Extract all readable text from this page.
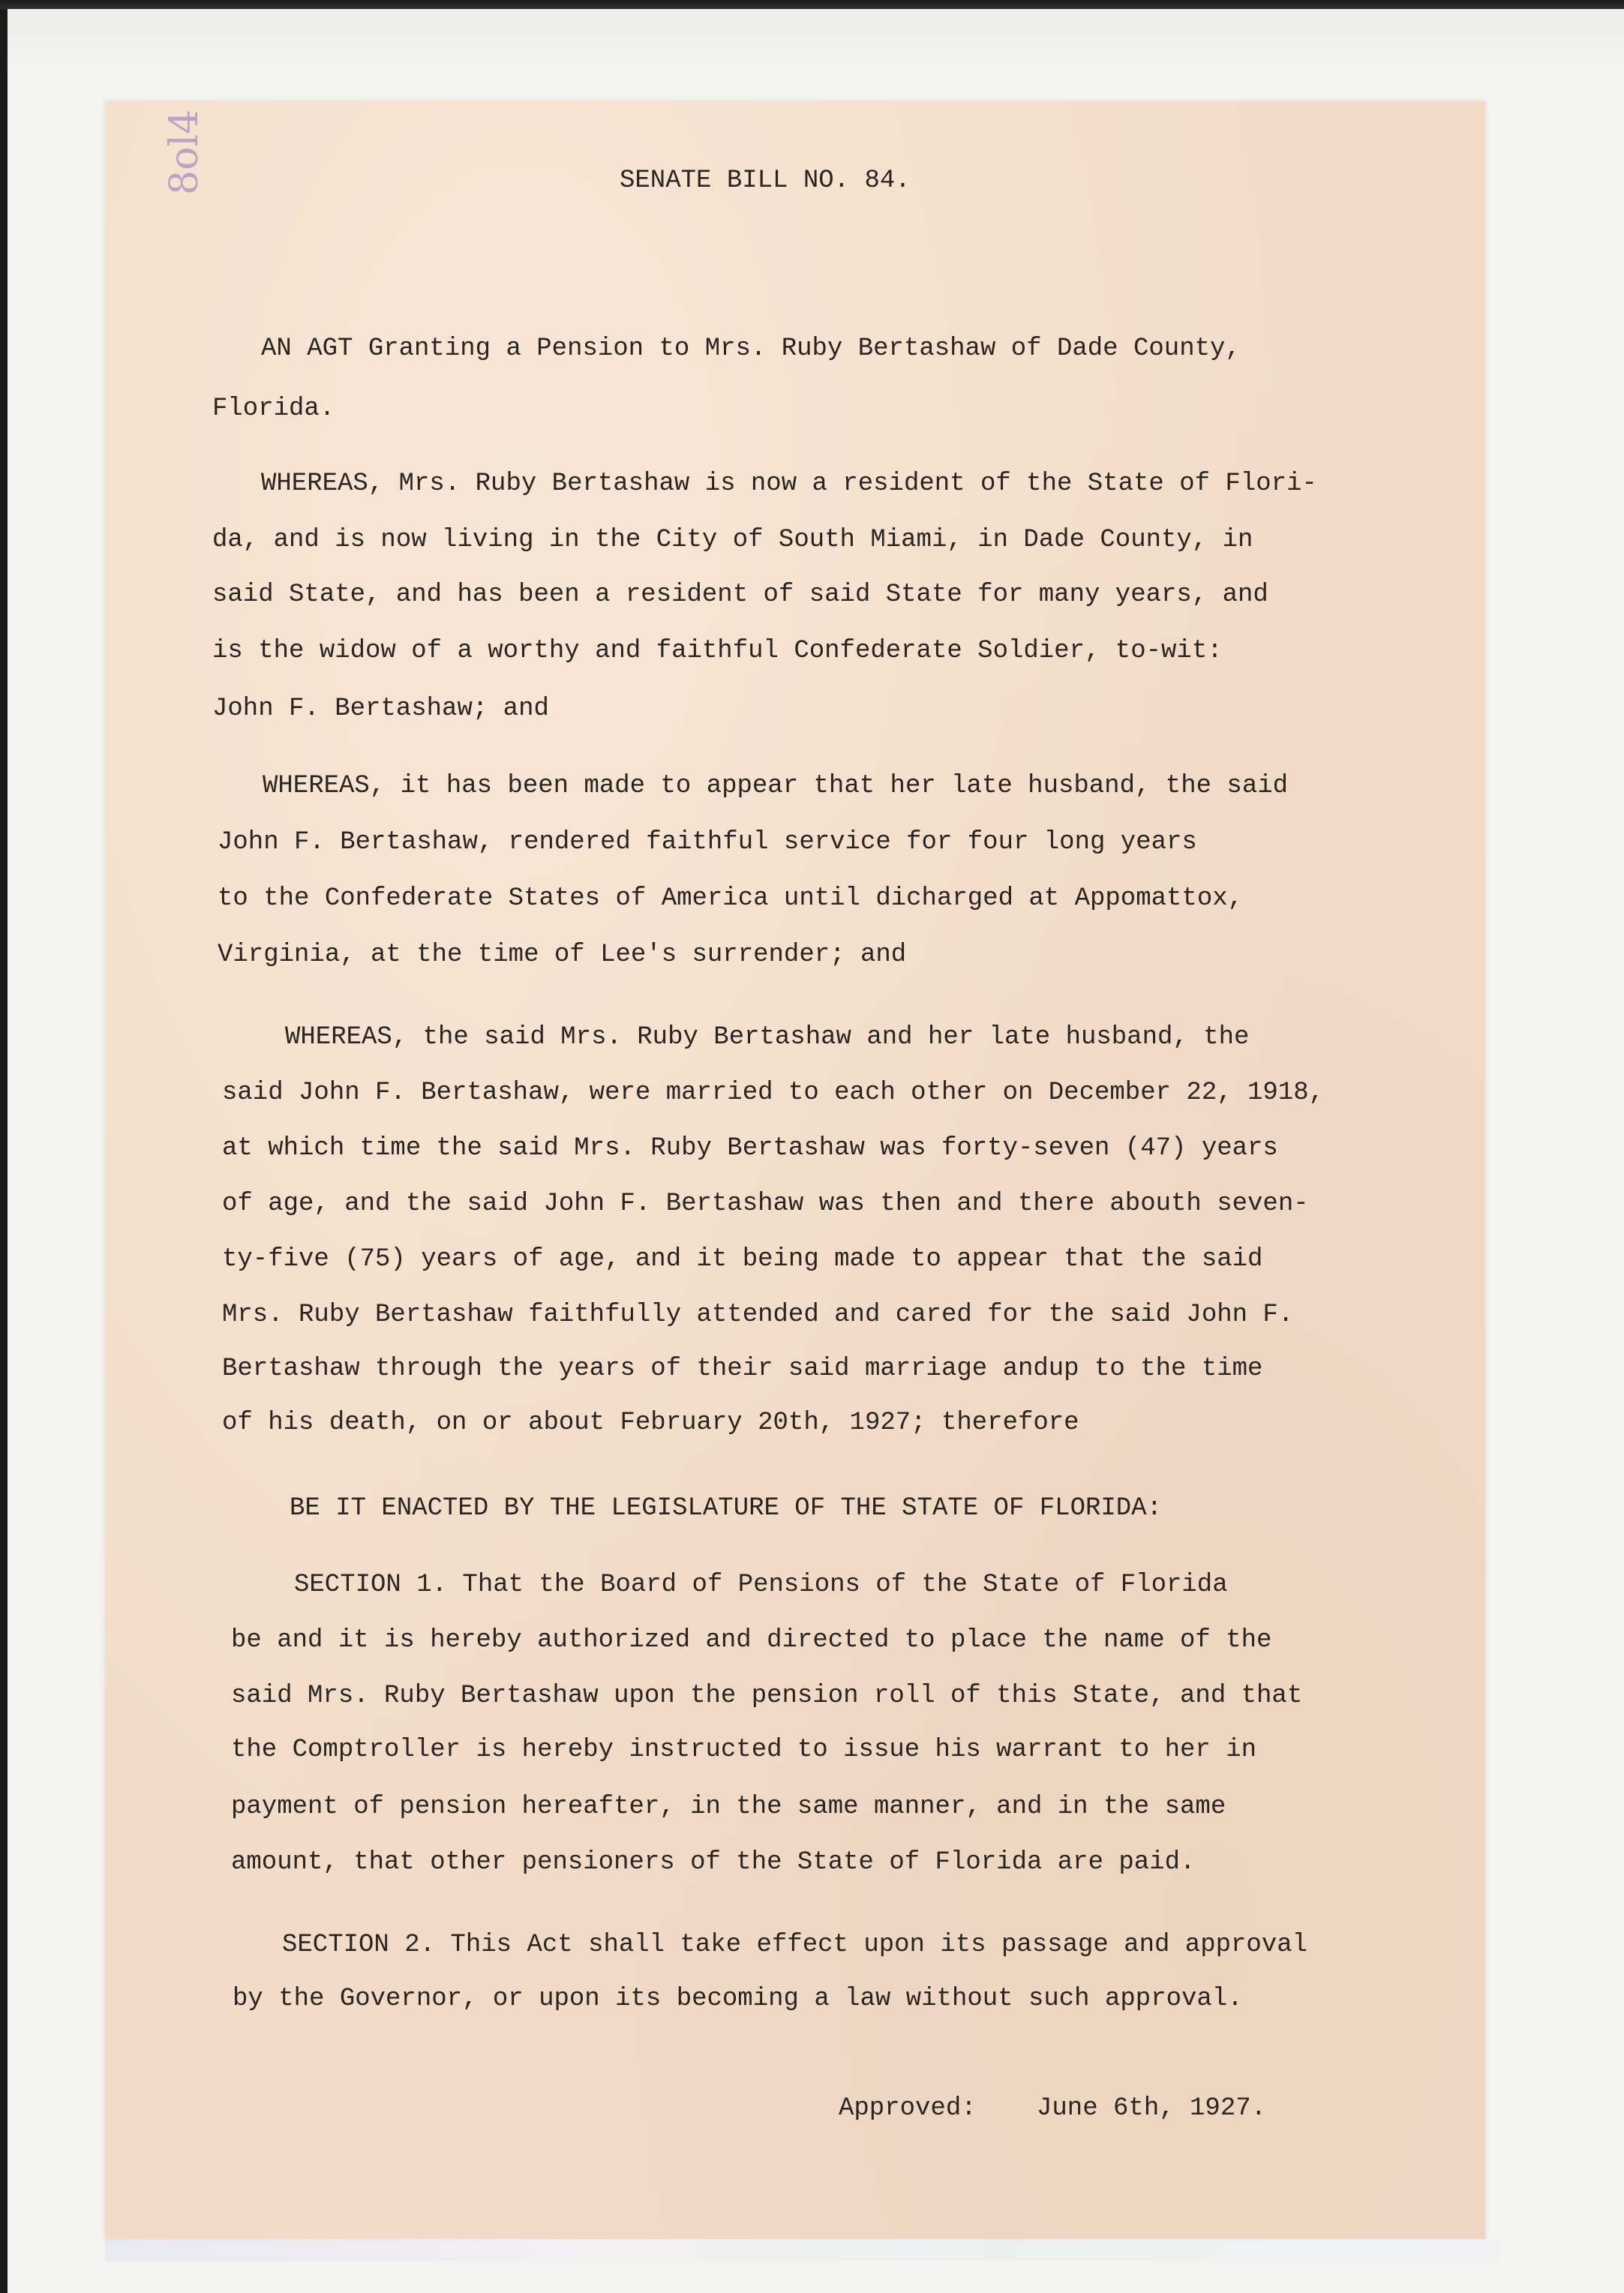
8ol4	SENATE BILL NO. 84.
AN AGT Granting a Pension to Mrs. Ruby Bertashaw of Dade County,
Florida.
WHEREAS, Mrs. Ruby Bertashaw is now a resident of the State of Flori-
da, and is now living in the City of South Miami, in Dade County, in
said State, and has been a resident of said State for many years, and
is the widow of a worthy and faithful Confederate Soldier, to-wit:
John F. Bertashaw; and
WHEREAS, it has been made to appear that her late husband, the said
John F. Bertashaw, rendered faithful service for four long years
to the Confederate States of America until dicharged at Appomattox,
Virginia, at the time of Lee's surrender; and
WHEREAS, the said Mrs. Ruby Bertashaw and her late husband, the
said John F. Bertashaw, were married to each other on December 22, 1918,
at which time the said Mrs. Ruby Bertashaw was forty-seven (47) years
of age, and the said John F. Bertashaw was then and there abouth seven-
ty-five (75) years of age, and it being made to appear that the said
Mrs. Ruby Bertashaw faithfully attended and cared for the said John F.
Bertashaw through the years of their said marriage andup to the time
of his death, on or about February 20th, 1927; therefore
BE IT ENACTED BY THE LEGISLATURE OF THE STATE OF FLORIDA:
SECTION 1. That the Board of Pensions of the State of Florida
be and it is hereby authorized and directed to place the name of the
said Mrs. Ruby Bertashaw upon the pension roll of this State, and that
the Comptroller is hereby instructed to issue his warrant to her in
payment of pension hereafter, in the same manner, and in the same
amount, that other pensioners of the State of Florida are paid.
SECTION 2. This Act shall take effect upon its passage and approval
by the Governor, or upon its becoming a law without such approval.
Approved: June 6th, 1927.
